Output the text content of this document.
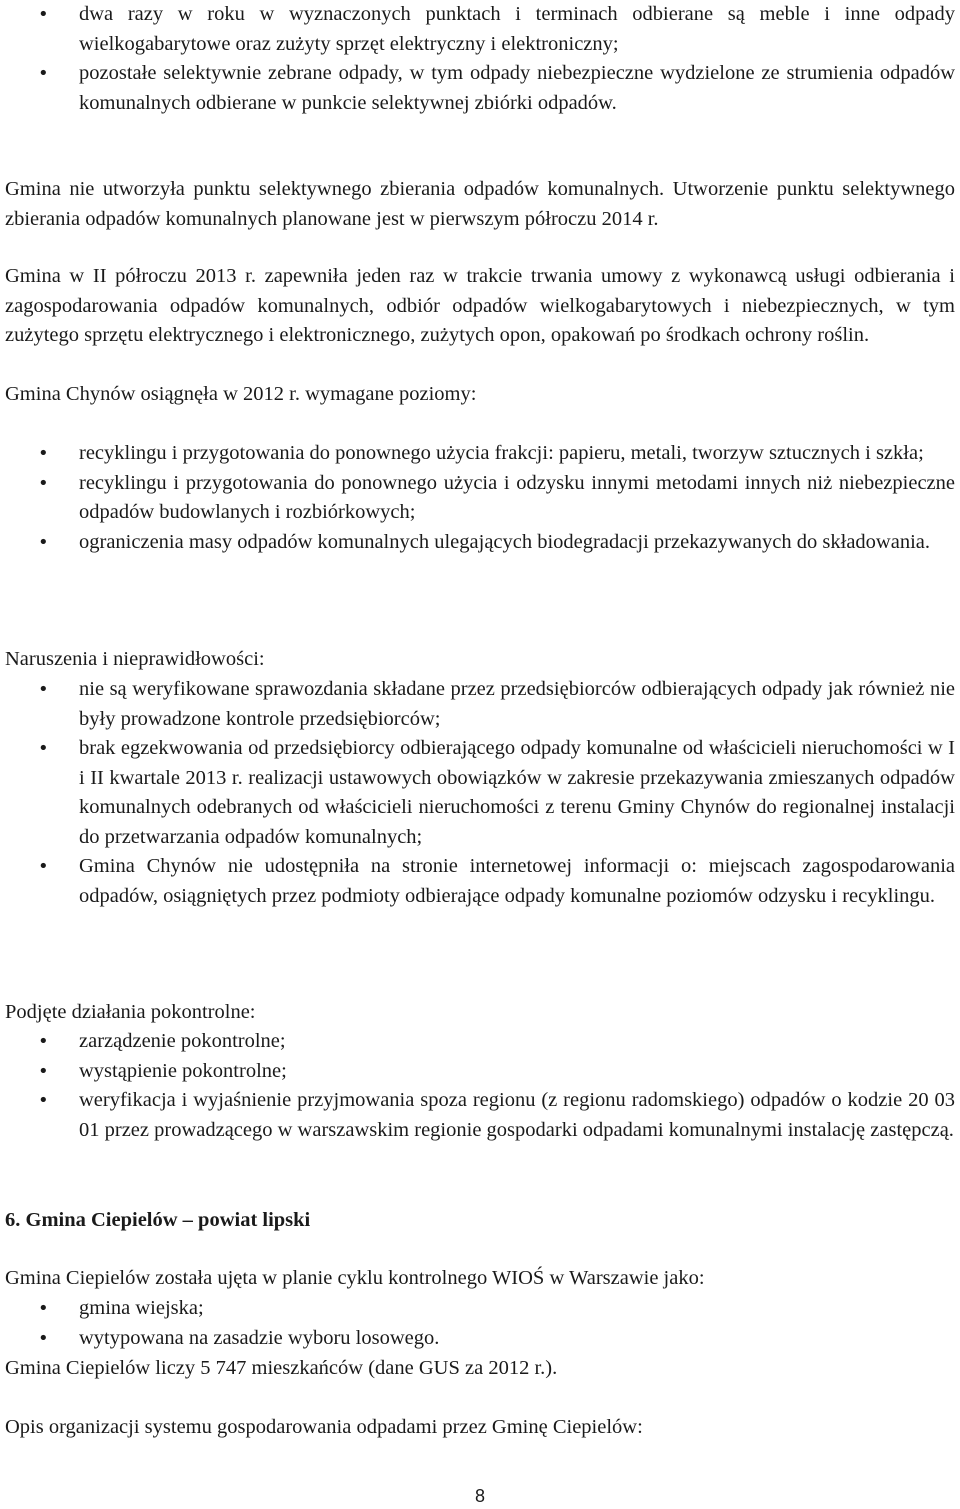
• dwa razy w roku w wyznaczonych punktach i terminach odbierane są meble i inne odpady wielkogabarytowe oraz zużyty sprzęt elektryczny i elektroniczny;
• pozostałe selektywnie zebrane odpady, w tym odpady niebezpieczne wydzielone ze strumienia odpadów komunalnych odbierane w punkcie selektywnej zbiórki odpadów.

Gmina nie utworzyła punktu selektywnego zbierania odpadów komunalnych. Utworzenie punktu selektywnego zbierania odpadów komunalnych planowane jest w pierwszym półroczu 2014 r.

Gmina w II półroczu 2013 r. zapewniła jeden raz w trakcie trwania umowy z wykonawcą usługi odbierania i zagospodarowania odpadów komunalnych, odbiór odpadów wielkogabarytowych i niebezpiecznych, w tym zużytego sprzętu elektrycznego i elektronicznego, zużytych opon, opakowań po środkach ochrony roślin.

Gmina Chynów osiągnęła w 2012 r. wymagane poziomy:

• recyklingu i przygotowania do ponownego użycia frakcji: papieru, metali, tworzyw sztucznych i szkła;
• recyklingu i przygotowania do ponownego użycia i odzysku innymi metodami innych niż niebezpieczne odpadów budowlanych i rozbiórkowych;
• ograniczenia masy odpadów komunalnych ulegających biodegradacji przekazywanych do składowania.

Naruszenia i nieprawidłowości:

• nie są weryfikowane sprawozdania składane przez przedsiębiorców odbierających odpady jak również nie były prowadzone kontrole przedsiębiorców;
• brak egzekwowania od przedsiębiorcy odbierającego odpady komunalne od właścicieli nieruchomości w I i II kwartale 2013 r. realizacji ustawowych obowiązków w zakresie przekazywania zmieszanych odpadów komunalnych odebranych od właścicieli nieruchomości z terenu Gminy Chynów do regionalnej instalacji do przetwarzania odpadów komunalnych;
• Gmina Chynów nie udostępniła na stronie internetowej informacji o: miejscach zagospodarowania odpadów, osiągniętych przez podmioty odbierające odpady komunalne poziomów odzysku i recyklingu.

Podjęte działania pokontrolne:

• zarządzenie pokontrolne;
• wystąpienie pokontrolne;
• weryfikacja i wyjaśnienie przyjmowania spoza regionu (z regionu radomskiego) odpadów o kodzie 20 03 01 przez prowadzącego w warszawskim regionie gospodarki odpadami komunalnymi instalację zastępczą.

6. Gmina Ciepielów – powiat lipski

Gmina Ciepielów została ujęta w planie cyklu kontrolnego WIOŚ w Warszawie jako:

• gmina wiejska;
• wytypowana na zasadzie wyboru losowego.

Gmina Ciepielów liczy 5 747 mieszkańców (dane GUS za 2012 r.).

Opis organizacji systemu gospodarowania odpadami przez Gminę Ciepielów:

8
